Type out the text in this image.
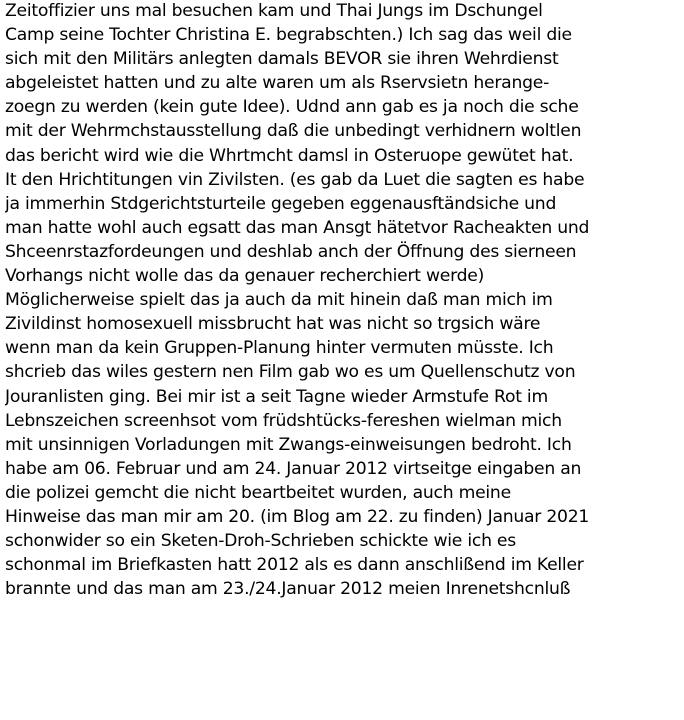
Zeitoffizier uns mal besuchen kam und Thai Jungs im Dschungel
Camp seine Tochter Christina E. begrabschten.) Ich sag das weil die
sich mit den Militärs anlegten damals BEVOR sie ihren Wehrdienst
abgeleistet hatten und zu alte waren um als Rservsietn herange-
zoegn zu werden (kein gute Idee). Udnd ann gab es ja noch die sche
mit der Wehrmchstausstellung daß die unbedingt verhidnern woltlen
das bericht wird wie die Whrtmcht damsl in Osteruope gewütet hat.
It den Hrichtitungen vin Zivilsten. (es gab da Luet die sagten es habe
ja immerhin Stdgerichtsturteile gegeben eggenausftändsiche und
man hatte wohl auch egsatt das man Ansgt hätetvor Racheakten und
Shceenrstazfordeungen und deshlab anch der Öffnung des sierneen
Vorhangs nicht wolle das da genauer recherchiert werde)
Möglicherweise spielt das ja auch da mit hinein daß man mich im
Zivildinst homosexuell missbrucht hat was nicht so trgsich wäre
wenn man da kein Gruppen-Planung hinter vermuten müsste. Ich
shcrieb das wiles gestern nen Film gab wo es um Quellenschutz von
Jouranlisten ging. Bei mir ist a seit Tagne wieder Armstufe Rot im
Lebnszeichen screenhsot vom früdshtücks-fereshen wielman mich
mit unsinnigen Vorladungen mit Zwangs-einweisungen bedroht. Ich
habe am 06. Februar und am 24. Januar 2012 virtseitge eingaben an
die polizei gemcht die nicht beartbeitet wurden, auch meine
Hinweise das man mir am 20. (im Blog am 22. zu finden) Januar 2021
schonwider so ein Sketen-Droh-Schrieben schickte wie ich es
schonmal im Briefkasten hatt 2012 als es dann anschlißend im Keller
brannte und das man am 23./24.Januar 2012 meien Inrenetshcnluß
